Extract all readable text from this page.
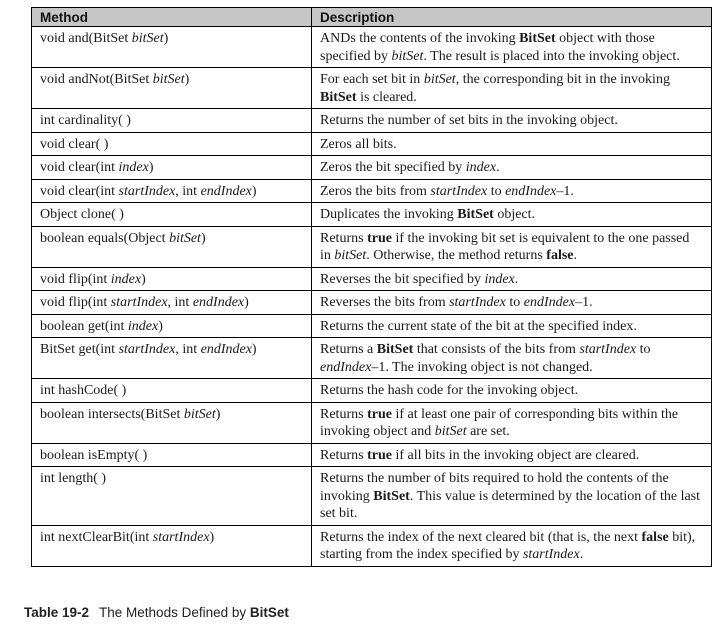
Method	Description
void and(BitSet bitSet)	ANDs the contents of the invoking BitSet object with those specified by bitSet. The result is placed into the invoking object.
void andNot(BitSet bitSet)	For each set bit in bitSet, the corresponding bit in the invoking BitSet is cleared.
int cardinality( )	Returns the number of set bits in the invoking object.
void clear( )	Zeros all bits.
void clear(int index)	Zeros the bit specified by index.
void clear(int startIndex, int endIndex)	Zeros the bits from startIndex to endIndex–1.
Object clone( )	Duplicates the invoking BitSet object.
boolean equals(Object bitSet)	Returns true if the invoking bit set is equivalent to the one passed in bitSet. Otherwise, the method returns false.
void flip(int index)	Reverses the bit specified by index.
void flip(int startIndex, int endIndex)	Reverses the bits from startIndex to endIndex–1.
boolean get(int index)	Returns the current state of the bit at the specified index.
BitSet get(int startIndex, int endIndex)	Returns a BitSet that consists of the bits from startIndex to endIndex–1. The invoking object is not changed.
int hashCode( )	Returns the hash code for the invoking object.
boolean intersects(BitSet bitSet)	Returns true if at least one pair of corresponding bits within the invoking object and bitSet are set.
boolean isEmpty( )	Returns true if all bits in the invoking object are cleared.
int length( )	Returns the number of bits required to hold the contents of the invoking BitSet. This value is determined by the location of the last set bit.
int nextClearBit(int startIndex)	Returns the index of the next cleared bit (that is, the next false bit), starting from the index specified by startIndex.
Table 19-2 The Methods Defined by BitSet
